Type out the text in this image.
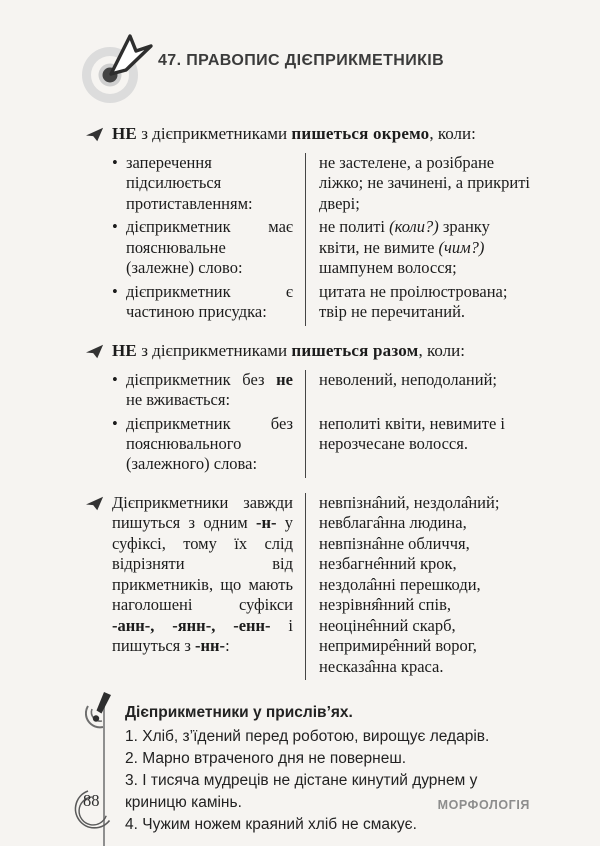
47. ПРАВОПИС ДІЄПРИКМЕТНИКІВ
НЕ з дієприкметниками пишеться окремо, коли:
• заперечення підсилюється протиставленням:
не застелене, а розібране ліжко; не зачинені, а прикриті двері;
• дієприкметник має пояснювальне (залежне) слово:
не политі (коли?) зранку квіти, не вимите (чим?) шампунем волосся;
• дієприкметник є частиною присудка:
цитата не проілюстрована; твір не перечитаний.
НЕ з дієприкметниками пишеться разом, коли:
• дієприкметник без не не вживається:
неволений, неподоланий;
• дієприкметник без пояснювального (залежного) слова:
неполиті квіти, невимите і нерозчесане волосся.
Дієприкметники завжди пишуться з одним -н- у суфіксі, тому їх слід відрізняти від прикметників, що мають наголошені суфікси -анн-, -янн-, -енн- і пишуться з -нн-:
невпізна̂ний, нездола̂ний; невблага̂нна людина, невпізна̂нне обличчя, незбагне̂нний крок, нездола̂нні перешкоди, незрівня̂нний спів, неоціне̂нний скарб, непримире̂нний ворог, несказа̂нна краса.
Дієприкметники у прислів’ях.
1. Хліб, з’їдений перед роботою, вирощує ледарів.
2. Марно втраченого дня не повернеш.
3. І тисяча мудреців не дістане кинутий дурнем у криницю камінь.
4. Чужим ножем краяний хліб не смакує.
88	МОРФОЛОГІЯ
